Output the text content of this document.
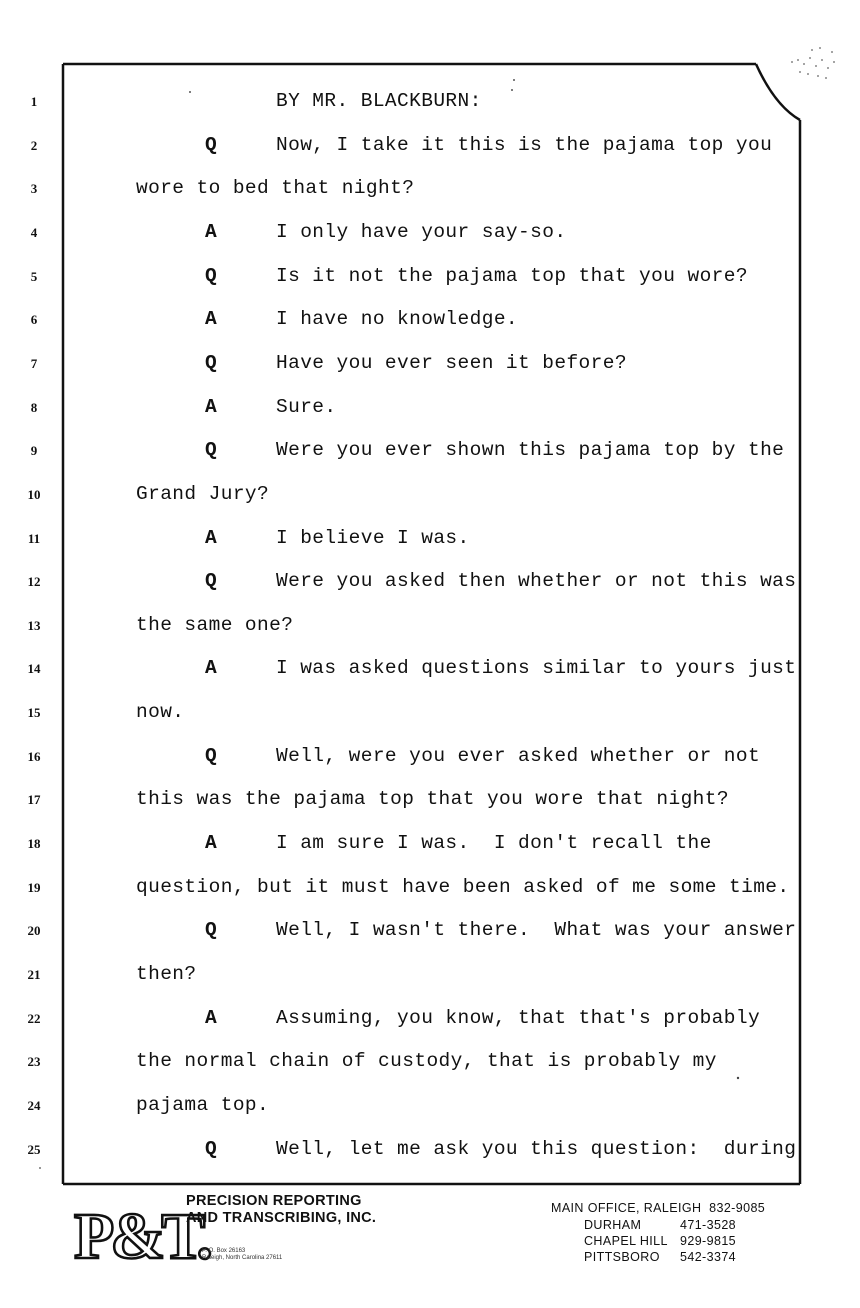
1	BY MR. BLACKBURN:
2	Q	Now, I take it this is the pajama top you
3	wore to bed that night?
4	A	I only have your say-so.
5	Q	Is it not the pajama top that you wore?
6	A	I have no knowledge.
7	Q	Have you ever seen it before?
8	A	Sure.
9	Q	Were you ever shown this pajama top by the
10	Grand Jury?
11	A	I believe I was.
12	Q	Were you asked then whether or not this was
13	the same one?
14	A	I was asked questions similar to yours just
15	now.
16	Q	Well, were you ever asked whether or not
17	this was the pajama top that you wore that night?
18	A	I am sure I was.  I don't recall the
19	question, but it must have been asked of me some time.
20	Q	Well, I wasn't there.  What was your answer
21	then?
22	A	Assuming, you know, that that's probably
23	the normal chain of custody, that is probably my
24	pajama top.
25	Q	Well, let me ask you this question:  during
P&T.
PRECISION REPORTING
AND TRANSCRIBING, INC.
P. O. Box 26163
Raleigh, North Carolina 27611
MAIN OFFICE, RALEIGH  832-9085
DURHAM	471-3528
CHAPEL HILL 929-9815
PITTSBORO 542-3374
